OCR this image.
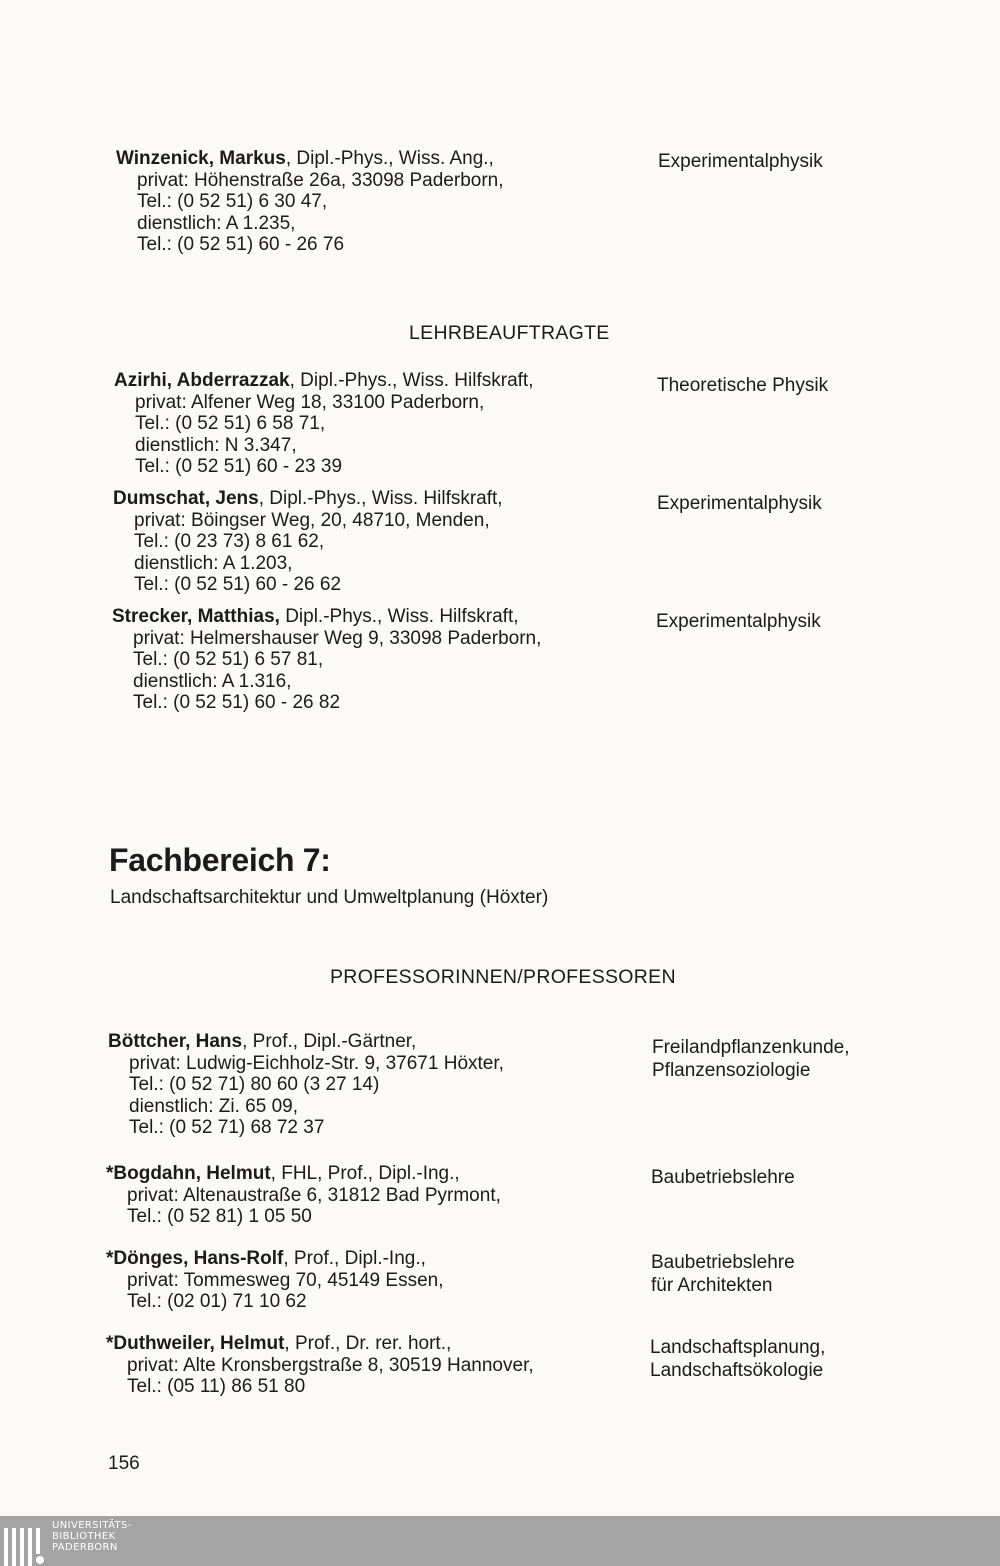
Winzenick, Markus, Dipl.-Phys., Wiss. Ang.,
privat: Höhenstraße 26a, 33098 Paderborn,
Tel.: (0 52 51) 6 30 47,
dienstlich: A 1.235,
Tel.: (0 52 51) 60 - 26 76
Experimentalphysik
LEHRBEAUFTRAGTE
Azirhi, Abderrazzak, Dipl.-Phys., Wiss. Hilfskraft,
privat: Alfener Weg 18, 33100 Paderborn,
Tel.: (0 52 51) 6 58 71,
dienstlich: N 3.347,
Tel.: (0 52 51) 60 - 23 39
Theoretische Physik
Dumschat, Jens, Dipl.-Phys., Wiss. Hilfskraft,
privat: Böingser Weg, 20, 48710, Menden,
Tel.: (0 23 73) 8 61 62,
dienstlich: A 1.203,
Tel.: (0 52 51) 60 - 26 62
Experimentalphysik
Strecker, Matthias, Dipl.-Phys., Wiss. Hilfskraft,
privat: Helmershauser Weg 9, 33098 Paderborn,
Tel.: (0 52 51) 6 57 81,
dienstlich: A 1.316,
Tel.: (0 52 51) 60 - 26 82
Experimentalphysik
Fachbereich 7:
Landschaftsarchitektur und Umweltplanung (Höxter)
PROFESSORINNEN/PROFESSOREN
Böttcher, Hans, Prof., Dipl.-Gärtner,
privat: Ludwig-Eichholz-Str. 9, 37671 Höxter,
Tel.: (0 52 71) 80 60 (3 27 14)
dienstlich: Zi. 65 09,
Tel.: (0 52 71) 68 72 37
Freilandpflanzenkunde,
Pflanzensoziologie
*Bogdahn, Helmut, FHL, Prof., Dipl.-Ing.,
privat: Altenaustraße 6, 31812 Bad Pyrmont,
Tel.: (0 52 81) 1 05 50
Baubetriebslehre
*Dönges, Hans-Rolf, Prof., Dipl.-Ing.,
privat: Tommesweg 70, 45149 Essen,
Tel.: (02 01) 71 10 62
Baubetriebslehre
für Architekten
*Duthweiler, Helmut, Prof., Dr. rer. hort.,
privat: Alte Kronsbergstraße 8, 30519 Hannover,
Tel.: (05 11) 86 51 80
Landschaftsplanung,
Landschaftsökologie
156
UNIVERSITÄTS-
BIBLIOTHEK
PADERBORN
